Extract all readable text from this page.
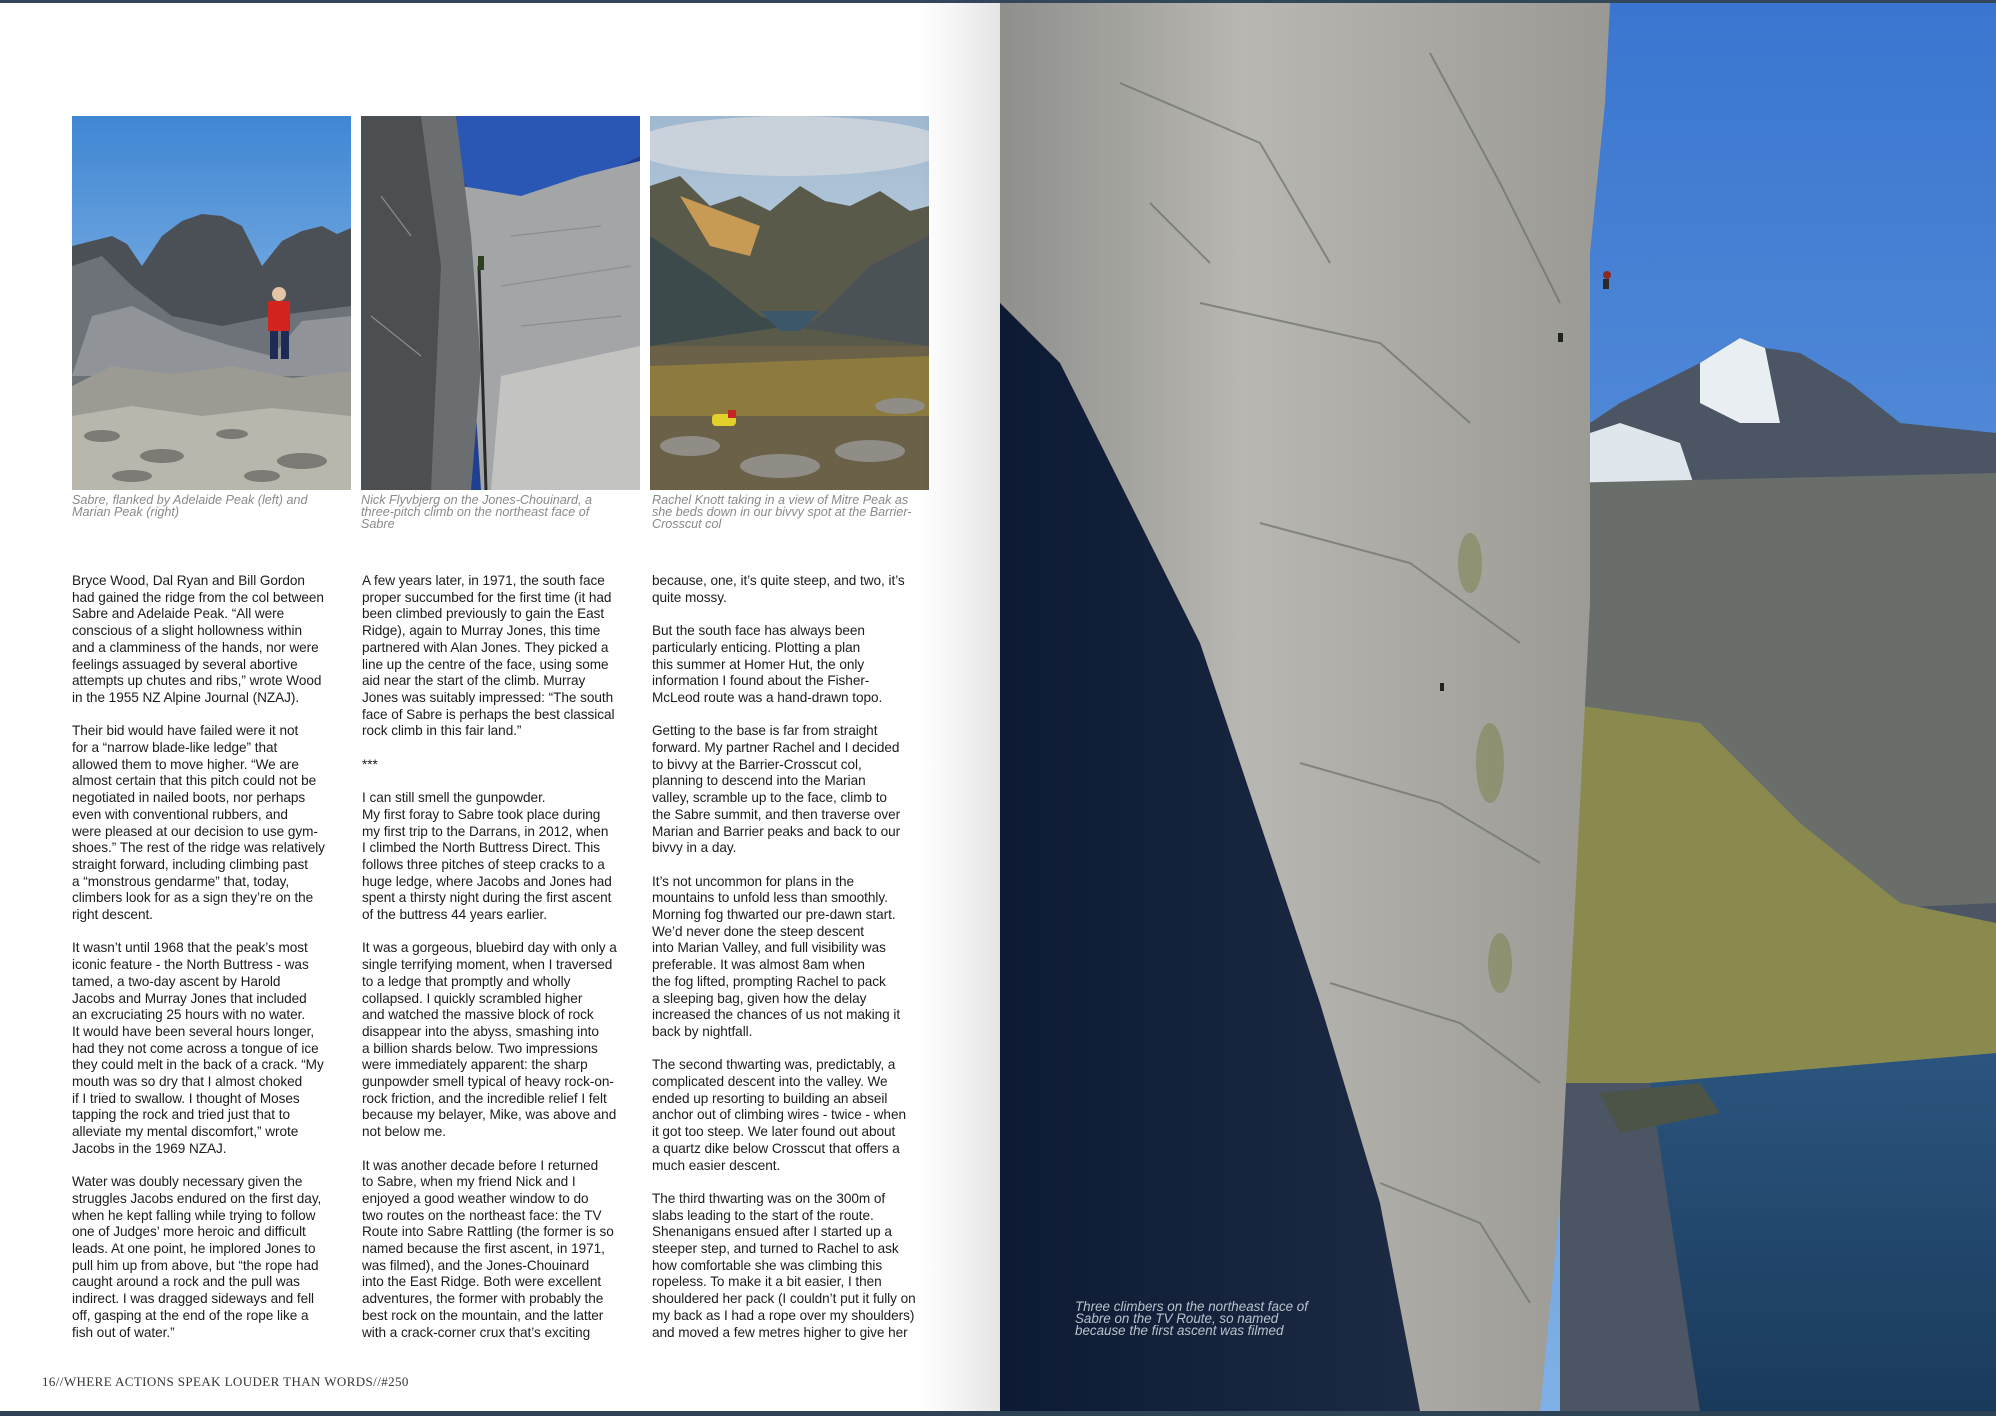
Sabre, flanked by Adelaide Peak (left) and Marian Peak (right)

Nick Flyvbjerg on the Jones-Chouinard, a three-pitch climb on the northeast face of Sabre

Rachel Knott taking in a view of Mitre Peak as she beds down in our bivvy spot at the Barrier-Crosscut col

Bryce Wood, Dal Ryan and Bill Gordon
had gained the ridge from the col between
Sabre and Adelaide Peak. “All were
conscious of a slight hollowness within
and a clamminess of the hands, nor were
feelings assuaged by several abortive
attempts up chutes and ribs,” wrote Wood
in the 1955 NZ Alpine Journal (NZAJ).

Their bid would have failed were it not
for a “narrow blade-like ledge” that
allowed them to move higher. “We are
almost certain that this pitch could not be
negotiated in nailed boots, nor perhaps
even with conventional rubbers, and
were pleased at our decision to use gym-
shoes.” The rest of the ridge was relatively
straight forward, including climbing past
a “monstrous gendarme” that, today,
climbers look for as a sign they’re on the
right descent.

It wasn’t until 1968 that the peak’s most
iconic feature - the North Buttress - was
tamed, a two-day ascent by Harold
Jacobs and Murray Jones that included
an excruciating 25 hours with no water.
It would have been several hours longer,
had they not come across a tongue of ice
they could melt in the back of a crack. “My
mouth was so dry that I almost choked
if I tried to swallow. I thought of Moses
tapping the rock and tried just that to
alleviate my mental discomfort,” wrote
Jacobs in the 1969 NZAJ.

Water was doubly necessary given the
struggles Jacobs endured on the first day,
when he kept falling while trying to follow
one of Judges’ more heroic and difficult
leads. At one point, he implored Jones to
pull him up from above, but “the rope had
caught around a rock and the pull was
indirect. I was dragged sideways and fell
off, gasping at the end of the rope like a
fish out of water.”

A few years later, in 1971, the south face
proper succumbed for the first time (it had
been climbed previously to gain the East
Ridge), again to Murray Jones, this time
partnered with Alan Jones. They picked a
line up the centre of the face, using some
aid near the start of the climb. Murray
Jones was suitably impressed: “The south
face of Sabre is perhaps the best classical
rock climb in this fair land.”

***

I can still smell the gunpowder.
My first foray to Sabre took place during
my first trip to the Darrans, in 2012, when
I climbed the North Buttress Direct. This
follows three pitches of steep cracks to a
huge ledge, where Jacobs and Jones had
spent a thirsty night during the first ascent
of the buttress 44 years earlier.

It was a gorgeous, bluebird day with only a
single terrifying moment, when I traversed
to a ledge that promptly and wholly
collapsed. I quickly scrambled higher
and watched the massive block of rock
disappear into the abyss, smashing into
a billion shards below. Two impressions
were immediately apparent: the sharp
gunpowder smell typical of heavy rock-on-
rock friction, and the incredible relief I felt
because my belayer, Mike, was above and
not below me.

It was another decade before I returned
to Sabre, when my friend Nick and I
enjoyed a good weather window to do
two routes on the northeast face: the TV
Route into Sabre Rattling (the former is so
named because the first ascent, in 1971,
was filmed), and the Jones-Chouinard
into the East Ridge. Both were excellent
adventures, the former with probably the
best rock on the mountain, and the latter
with a crack-corner crux that’s exciting

because, one, it’s quite steep, and two, it’s
quite mossy.

But the south face has always been
particularly enticing. Plotting a plan
this summer at Homer Hut, the only
information I found about the Fisher-
McLeod route was a hand-drawn topo.

Getting to the base is far from straight
forward. My partner Rachel and I decided
to bivvy at the Barrier-Crosscut col,
planning to descend into the Marian
valley, scramble up to the face, climb to
the Sabre summit, and then traverse over
Marian and Barrier peaks and back to our
bivvy in a day.

It’s not uncommon for plans in the
mountains to unfold less than smoothly.
Morning fog thwarted our pre-dawn start.
We’d never done the steep descent
into Marian Valley, and full visibility was
preferable. It was almost 8am when
the fog lifted, prompting Rachel to pack
a sleeping bag, given how the delay
increased the chances of us not making it
back by nightfall.

The second thwarting was, predictably, a
complicated descent into the valley. We
ended up resorting to building an abseil
anchor out of climbing wires - twice - when
it got too steep. We later found out about
a quartz dike below Crosscut that offers a
much easier descent.

The third thwarting was on the 300m of
slabs leading to the start of the route.
Shenanigans ensued after I started up a
steeper step, and turned to Rachel to ask
how comfortable she was climbing this
ropeless. To make it a bit easier, I then
shouldered her pack (I couldn’t put it fully on
my back as I had a rope over my shoulders)
and moved a few metres higher to give her

16//WHERE ACTIONS SPEAK LOUDER THAN WORDS//#250

Three climbers on the northeast face of Sabre on the TV Route, so named because the first ascent was filmed
